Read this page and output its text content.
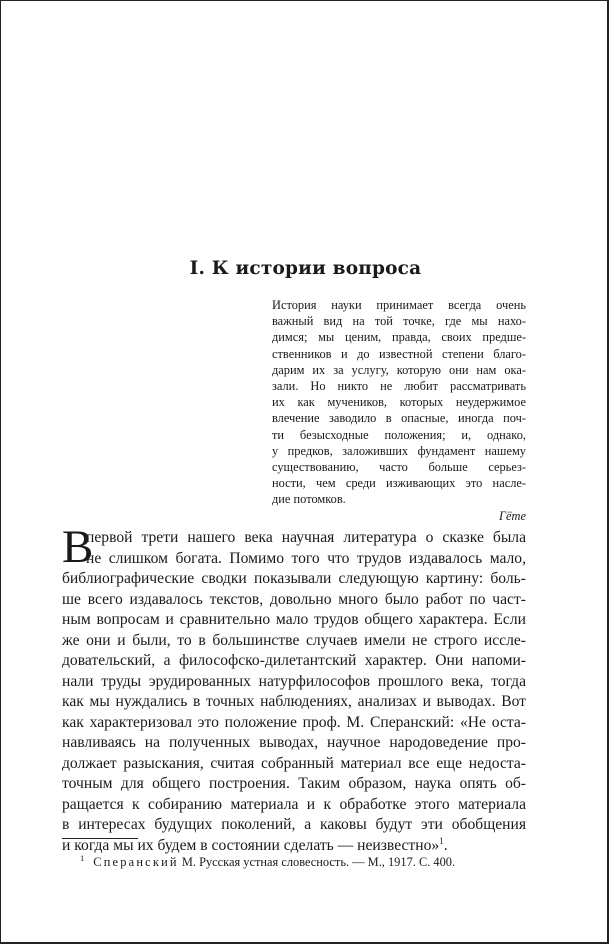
I. К истории вопроса
История науки принимает всегда очень
важный вид на той точке, где мы нахо-
димся; мы ценим, правда, своих предше-
ственников и до известной степени благо-
дарим их за услугу, которую они нам ока-
зали. Но никто не любит рассматривать
их как мучеников, которых неудержимое
влечение заводило в опасные, иногда поч-
ти безысходные положения; и, однако,
у предков, заложивших фундамент нашему
существованию, часто больше серьез-
ности, чем среди изживающих это насле-
дие потомков.
Гёте
В
первой трети нашего века научная литература о сказке была
не слишком богата. Помимо того что трудов издавалось мало,
библиографические сводки показывали следующую картину: боль-
ше всего издавалось текстов, довольно много было работ по част-
ным вопросам и сравнительно мало трудов общего характера. Если
же они и были, то в большинстве случаев имели не строго иссле-
довательский, а философско-дилетантский характер. Они напоми-
нали труды эрудированных натурфилософов прошлого века, тогда
как мы нуждались в точных наблюдениях, анализах и выводах. Вот
как характеризовал это положение проф. М. Сперанский: «Не оста-
навливаясь на полученных выводах, научное народоведение про-
должает разыскания, считая собранный материал все еще недоста-
точным для общего построения. Таким образом, наука опять об-
ращается к собиранию материала и к обработке этого материала
в интересах будущих поколений, а каковы будут эти обобщения
и когда мы их будем в состоянии сделать — неизвестно»$^1$.
$^1$ Сперанский М. Русская устная словесность. — М., 1917. С. 400.
